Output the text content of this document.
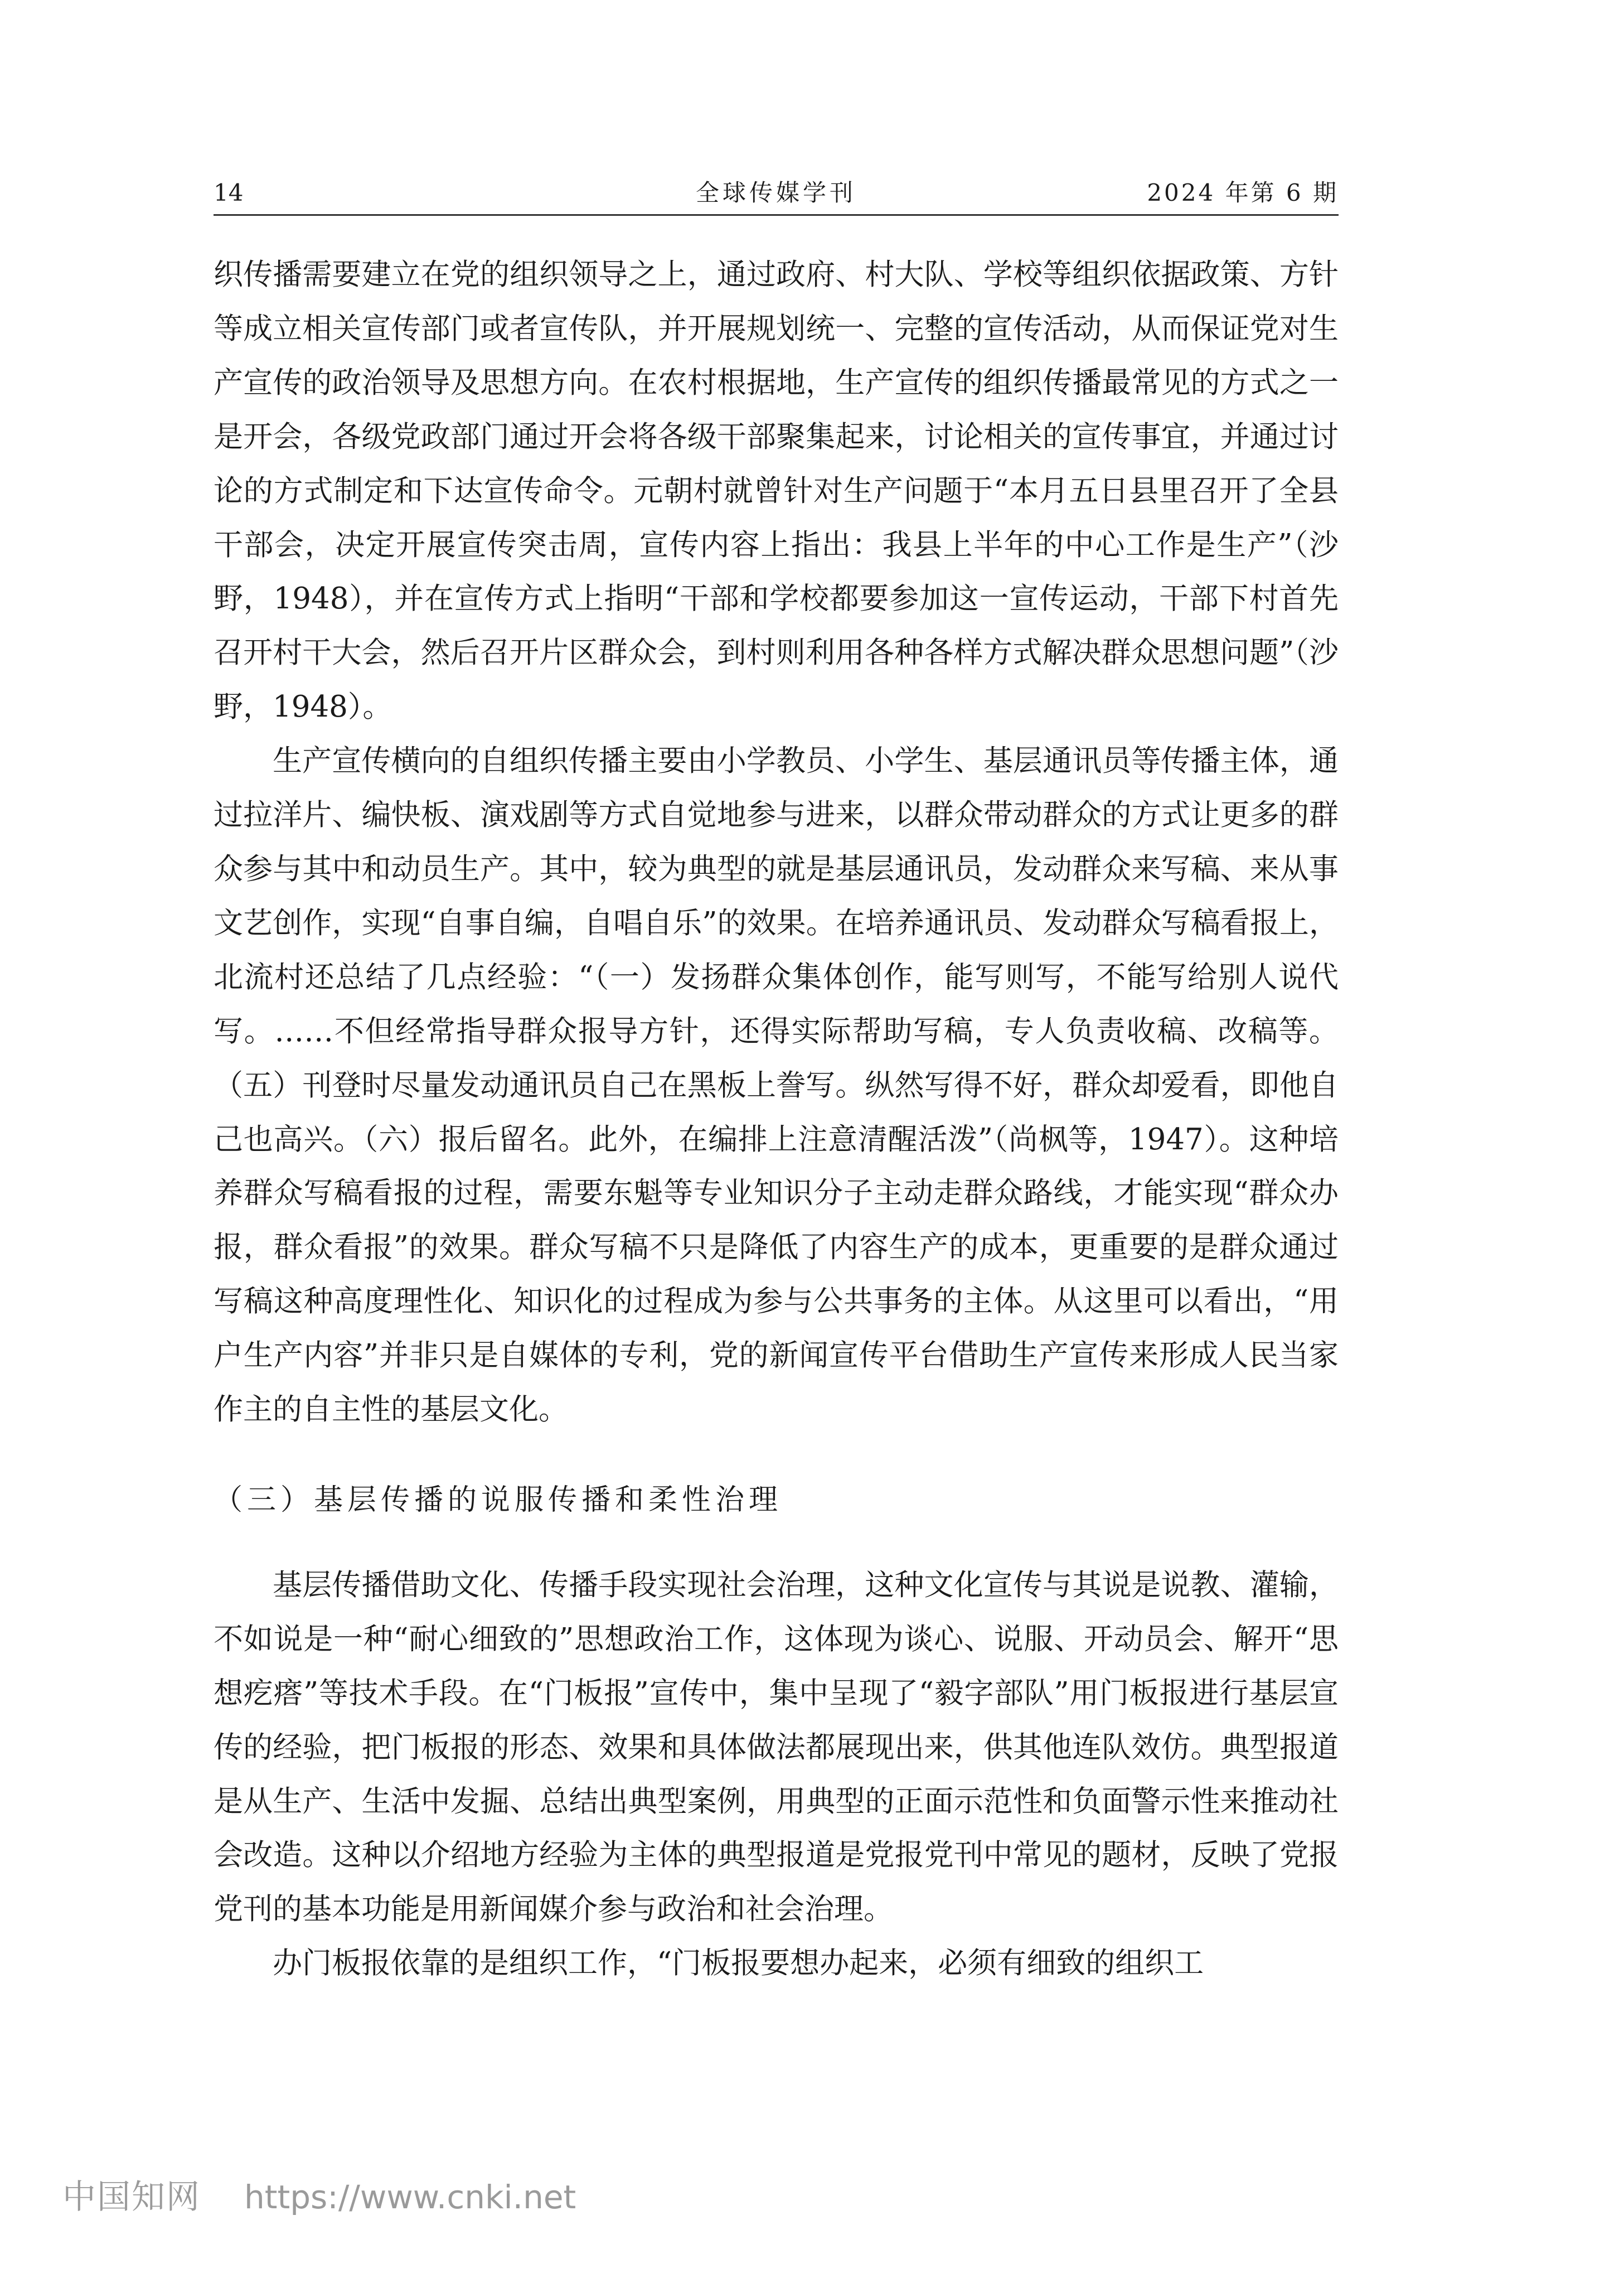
14	全球传媒学刊	2024 年第 6 期

织传播需要建立在党的组织领导之上，通过政府、村大队、学校等组织依据政策、方针等成立相关宣传部门或者宣传队，并开展规划统一、完整的宣传活动，从而保证党对生产宣传的政治领导及思想方向。在农村根据地，生产宣传的组织传播最常见的方式之一是开会，各级党政部门通过开会将各级干部聚集起来，讨论相关的宣传事宜，并通过讨论的方式制定和下达宣传命令。元朝村就曾针对生产问题于“本月五日县里召开了全县干部会，决定开展宣传突击周，宣传内容上指出：我县上半年的中心工作是生产”（沙野，1948），并在宣传方式上指明“干部和学校都要参加这一宣传运动，干部下村首先召开村干大会，然后召开片区群众会，到村则利用各种各样方式解决群众思想问题”（沙野，1948）。

生产宣传横向的自组织传播主要由小学教员、小学生、基层通讯员等传播主体，通过拉洋片、编快板、演戏剧等方式自觉地参与进来，以群众带动群众的方式让更多的群众参与其中和动员生产。其中，较为典型的就是基层通讯员，发动群众来写稿、来从事文艺创作，实现“自事自编，自唱自乐”的效果。在培养通讯员、发动群众写稿看报上，北流村还总结了几点经验：“（一）发扬群众集体创作，能写则写，不能写给别人说代写。……不但经常指导群众报导方针，还得实际帮助写稿，专人负责收稿、改稿等。（五）刊登时尽量发动通讯员自己在黑板上誊写。纵然写得不好，群众却爱看，即他自己也高兴。（六）报后留名。此外，在编排上注意清醒活泼”（尚枫等，1947）。这种培养群众写稿看报的过程，需要东魁等专业知识分子主动走群众路线，才能实现“群众办报，群众看报”的效果。群众写稿不只是降低了内容生产的成本，更重要的是群众通过写稿这种高度理性化、知识化的过程成为参与公共事务的主体。从这里可以看出，“用户生产内容”并非只是自媒体的专利，党的新闻宣传平台借助生产宣传来形成人民当家作主的自主性的基层文化。

（三）基层传播的说服传播和柔性治理

基层传播借助文化、传播手段实现社会治理，这种文化宣传与其说是说教、灌输，不如说是一种“耐心细致的”思想政治工作，这体现为谈心、说服、开动员会、解开“思想疙瘩”等技术手段。在“门板报”宣传中，集中呈现了“毅字部队”用门板报进行基层宣传的经验，把门板报的形态、效果和具体做法都展现出来，供其他连队效仿。典型报道是从生产、生活中发掘、总结出典型案例，用典型的正面示范性和负面警示性来推动社会改造。这种以介绍地方经验为主体的典型报道是党报党刊中常见的题材，反映了党报党刊的基本功能是用新闻媒介参与政治和社会治理。

办门板报依靠的是组织工作，“门板报要想办起来，必须有细致的组织工

中国知网 https://www.cnki.net
